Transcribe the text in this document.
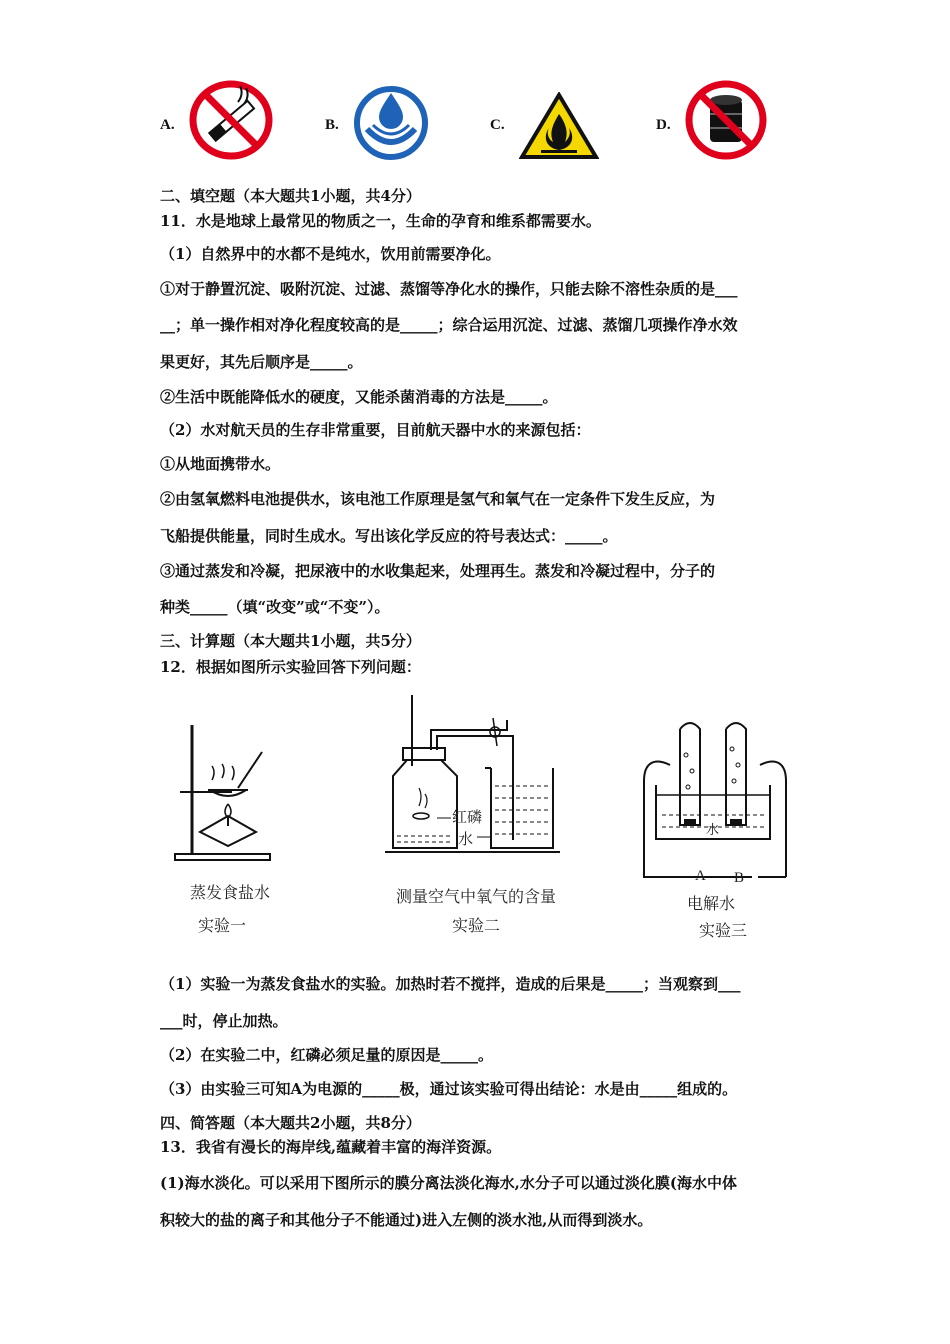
A.	B.	C.	D.
二、填空题（本大题共1小题，共4分）
11．水是地球上最常见的物质之一，生命的孕育和维系都需要水。
（1）自然界中的水都不是纯水，饮用前需要净化。
①对于静置沉淀、吸附沉淀、过滤、蒸馏等净化水的操作，只能去除不溶性杂质的是___
__；单一操作相对净化程度较高的是_____；综合运用沉淀、过滤、蒸馏几项操作净水效
果更好，其先后顺序是_____。
②生活中既能降低水的硬度，又能杀菌消毒的方法是_____。
（2）水对航天员的生存非常重要，目前航天器中水的来源包括：
①从地面携带水。
②由氢氧燃料电池提供水，该电池工作原理是氢气和氧气在一定条件下发生反应，为
飞船提供能量，同时生成水。写出该化学反应的符号表达式：_____。
③通过蒸发和冷凝，把尿液中的水收集起来，处理再生。蒸发和冷凝过程中，分子的
种类_____（填“改变”或“不变”）。
三、计算题（本大题共1小题，共5分）
12．根据如图所示实验回答下列问题：
蒸发食盐水
实验一
红磷
水
测量空气中氧气的含量
实验二
水
A B
电解水
实验三
（1）实验一为蒸发食盐水的实验。加热时若不搅拌，造成的后果是_____；当观察到___
___时，停止加热。
（2）在实验二中，红磷必须足量的原因是_____。
（3）由实验三可知A为电源的_____极，通过该实验可得出结论：水是由_____组成的。
四、简答题（本大题共2小题，共8分）
13．我省有漫长的海岸线,蕴藏着丰富的海洋资源。
(1)海水淡化。可以采用下图所示的膜分离法淡化海水,水分子可以通过淡化膜(海水中体
积较大的盐的离子和其他分子不能通过)进入左侧的淡水池,从而得到淡水。
